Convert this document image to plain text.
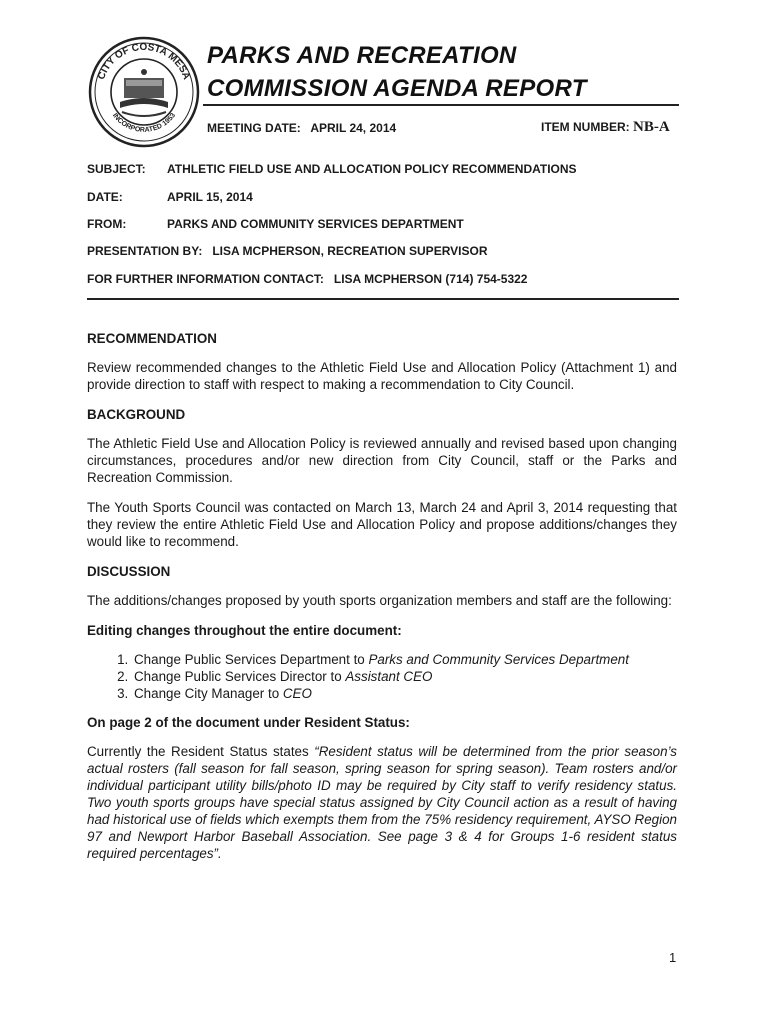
CITY OF COSTA MESA
INCORPORATED 1953
PARKS AND RECREATION
COMMISSION AGENDA REPORT
MEETING DATE: APRIL 24, 2014	ITEM NUMBER: NB-A
SUBJECT: ATHLETIC FIELD USE AND ALLOCATION POLICY RECOMMENDATIONS
DATE:	APRIL 15, 2014
FROM:	PARKS AND COMMUNITY SERVICES DEPARTMENT
PRESENTATION BY:   LISA MCPHERSON, RECREATION SUPERVISOR
FOR FURTHER INFORMATION CONTACT:   LISA MCPHERSON (714) 754-5322
RECOMMENDATION

Review recommended changes to the Athletic Field Use and Allocation Policy (Attachment 1) and provide direction to staff with respect to making a recommendation to City Council.

BACKGROUND

The Athletic Field Use and Allocation Policy is reviewed annually and revised based upon changing circumstances, procedures and/or new direction from City Council, staff or the Parks and Recreation Commission.

The Youth Sports Council was contacted on March 13, March 24 and April 3, 2014 requesting that they review the entire Athletic Field Use and Allocation Policy and propose additions/changes they would like to recommend.

DISCUSSION

The additions/changes proposed by youth sports organization members and staff are the following:

Editing changes throughout the entire document:
1. Change Public Services Department to Parks and Community Services Department
2. Change Public Services Director to Assistant CEO
3. Change City Manager to CEO
On page 2 of the document under Resident Status:

Currently the Resident Status states “Resident status will be determined from the prior season’s actual rosters (fall season for fall season, spring season for spring season). Team rosters and/or individual participant utility bills/photo ID may be required by City staff to verify residency status. Two youth sports groups have special status assigned by City Council action as a result of having had historical use of fields which exempts them from the 75% residency requirement, AYSO Region 97 and Newport Harbor Baseball Association. See page 3 & 4 for Groups 1-6 resident status required percentages”.

1
